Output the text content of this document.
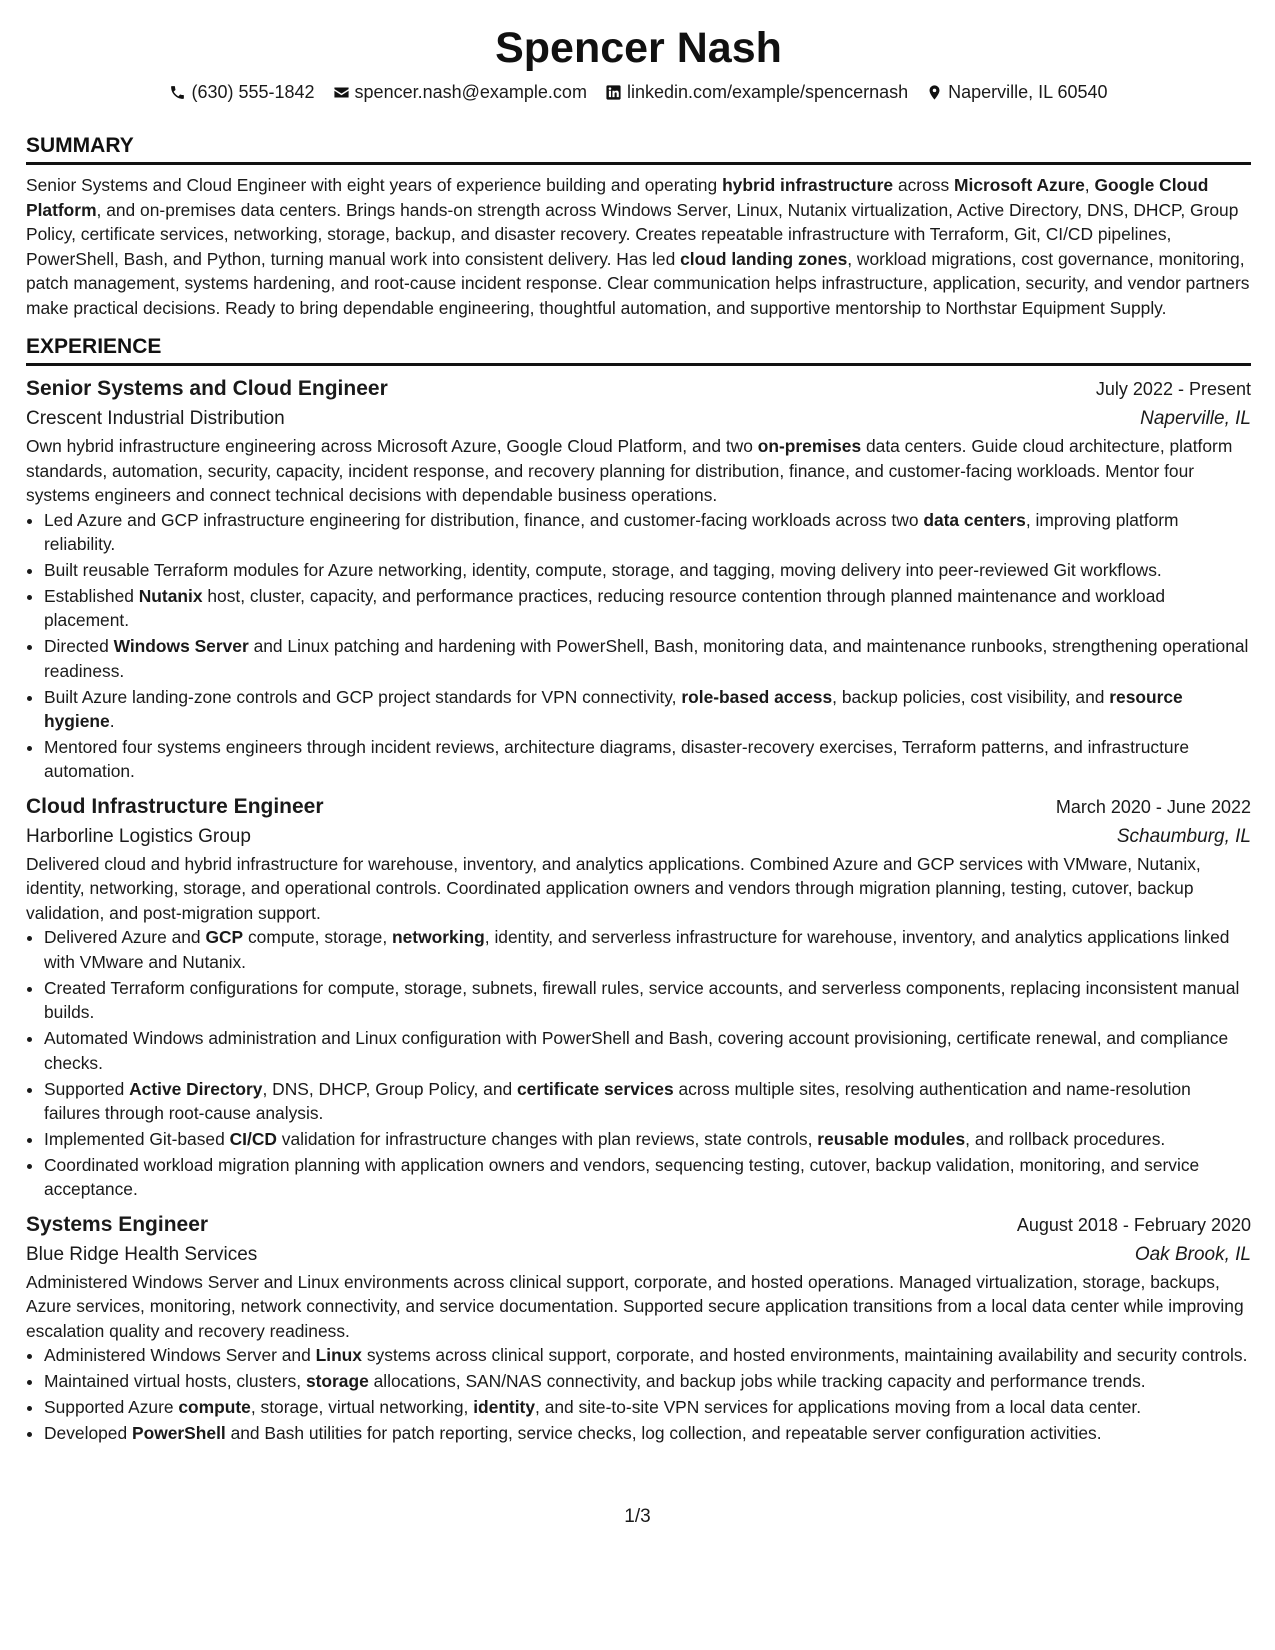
Spencer Nash
(630) 555-1842 spencer.nash@example.com linkedin.com/example/spencernash Naperville, IL 60540
SUMMARY

Senior Systems and Cloud Engineer with eight years of experience building and operating hybrid infrastructure across Microsoft Azure, Google Cloud Platform, and on-premises data centers. Brings hands-on strength across Windows Server, Linux, Nutanix virtualization, Active Directory, DNS, DHCP, Group Policy, certificate services, networking, storage, backup, and disaster recovery. Creates repeatable infrastructure with Terraform, Git, CI/CD pipelines, PowerShell, Bash, and Python, turning manual work into consistent delivery. Has led cloud landing zones, workload migrations, cost governance, monitoring, patch management, systems hardening, and root-cause incident response. Clear communication helps infrastructure, application, security, and vendor partners make practical decisions. Ready to bring dependable engineering, thoughtful automation, and supportive mentorship to Northstar Equipment Supply.

EXPERIENCE
Senior Systems and Cloud Engineer	July 2022 - Present
Crescent Industrial Distribution	Naperville, IL

Own hybrid infrastructure engineering across Microsoft Azure, Google Cloud Platform, and two on-premises data centers. Guide cloud architecture, platform standards, automation, security, capacity, incident response, and recovery planning for distribution, finance, and customer-facing workloads. Mentor four systems engineers and connect technical decisions with dependable business operations.

• Led Azure and GCP infrastructure engineering for distribution, finance, and customer-facing workloads across two data centers, improving platform reliability.
• Built reusable Terraform modules for Azure networking, identity, compute, storage, and tagging, moving delivery into peer-reviewed Git workflows.
• Established Nutanix host, cluster, capacity, and performance practices, reducing resource contention through planned maintenance and workload placement.
• Directed Windows Server and Linux patching and hardening with PowerShell, Bash, monitoring data, and maintenance runbooks, strengthening operational readiness.
• Built Azure landing-zone controls and GCP project standards for VPN connectivity, role-based access, backup policies, cost visibility, and resource hygiene.
• Mentored four systems engineers through incident reviews, architecture diagrams, disaster-recovery exercises, Terraform patterns, and infrastructure automation.
Cloud Infrastructure Engineer	March 2020 - June 2022
Harborline Logistics Group	Schaumburg, IL

Delivered cloud and hybrid infrastructure for warehouse, inventory, and analytics applications. Combined Azure and GCP services with VMware, Nutanix, identity, networking, storage, and operational controls. Coordinated application owners and vendors through migration planning, testing, cutover, backup validation, and post-migration support.

• Delivered Azure and GCP compute, storage, networking, identity, and serverless infrastructure for warehouse, inventory, and analytics applications linked with VMware and Nutanix.
• Created Terraform configurations for compute, storage, subnets, firewall rules, service accounts, and serverless components, replacing inconsistent manual builds.
• Automated Windows administration and Linux configuration with PowerShell and Bash, covering account provisioning, certificate renewal, and compliance checks.
• Supported Active Directory, DNS, DHCP, Group Policy, and certificate services across multiple sites, resolving authentication and name-resolution failures through root-cause analysis.
• Implemented Git-based CI/CD validation for infrastructure changes with plan reviews, state controls, reusable modules, and rollback procedures.
• Coordinated workload migration planning with application owners and vendors, sequencing testing, cutover, backup validation, monitoring, and service acceptance.
Systems Engineer	August 2018 - February 2020
Blue Ridge Health Services	Oak Brook, IL

Administered Windows Server and Linux environments across clinical support, corporate, and hosted operations. Managed virtualization, storage, backups, Azure services, monitoring, network connectivity, and service documentation. Supported secure application transitions from a local data center while improving escalation quality and recovery readiness.

• Administered Windows Server and Linux systems across clinical support, corporate, and hosted environments, maintaining availability and security controls.
• Maintained virtual hosts, clusters, storage allocations, SAN/NAS connectivity, and backup jobs while tracking capacity and performance trends.
• Supported Azure compute, storage, virtual networking, identity, and site-to-site VPN services for applications moving from a local data center.
• Developed PowerShell and Bash utilities for patch reporting, service checks, log collection, and repeatable server configuration activities.
1/3
